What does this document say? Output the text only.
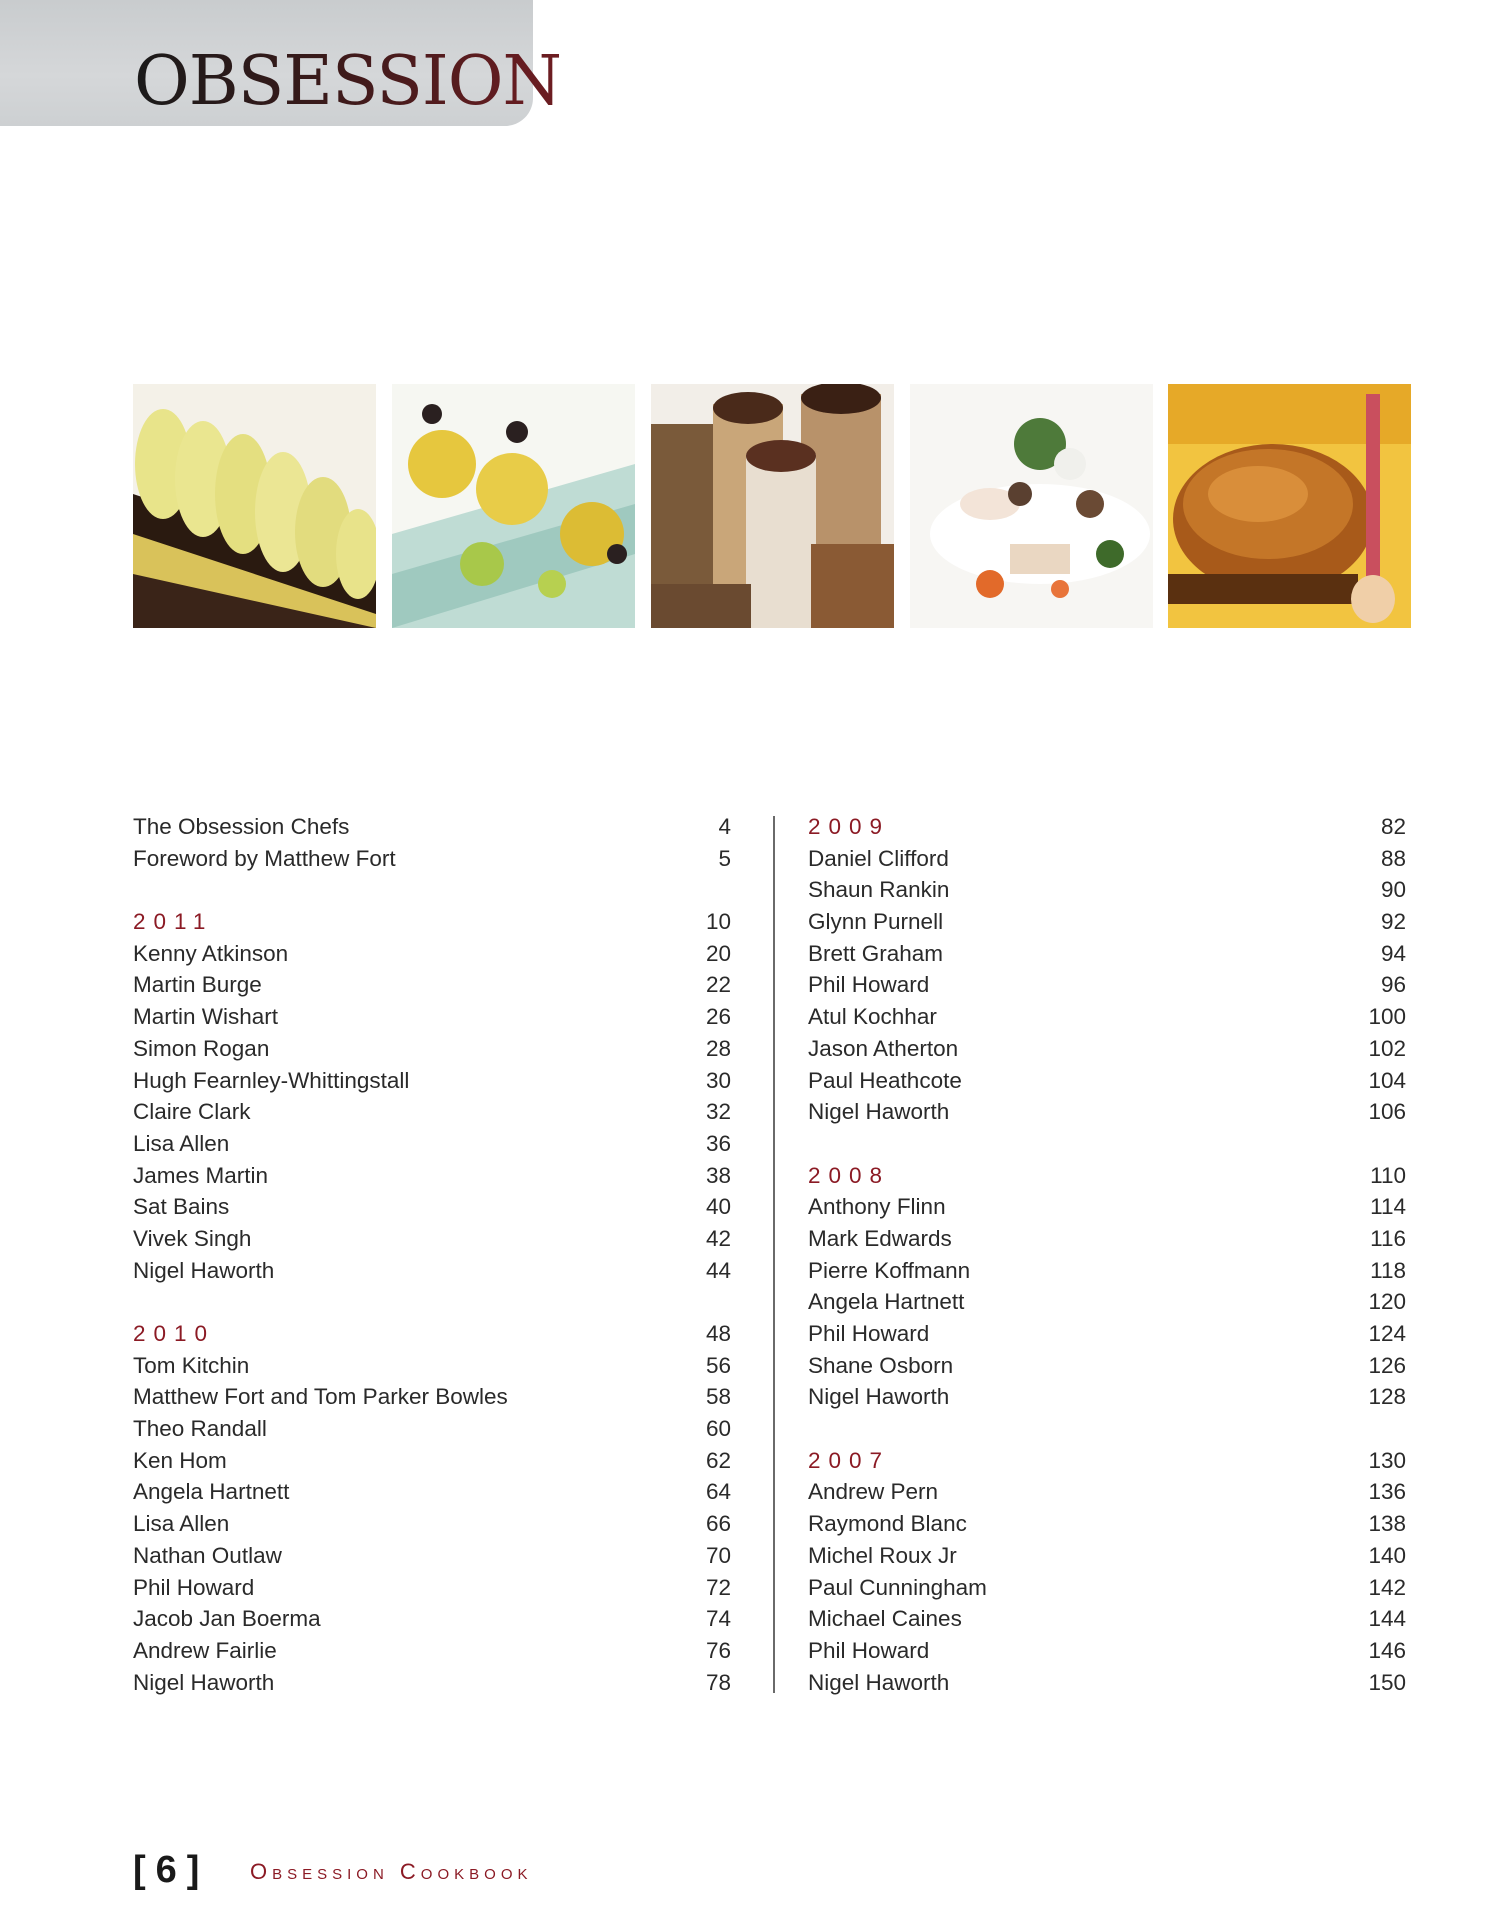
OBSESSION
The Obsession Chefs	4
Foreword by Matthew Fort	5
2011	10
Kenny Atkinson	20
Martin Burge	22
Martin Wishart	26
Simon Rogan	28
Hugh Fearnley-Whittingstall	30
Claire Clark	32
Lisa Allen	36
James Martin	38
Sat Bains	40
Vivek Singh	42
Nigel Haworth	44
2010	48
Tom Kitchin	56
Matthew Fort and Tom Parker Bowles	58
Theo Randall	60
Ken Hom	62
Angela Hartnett	64
Lisa Allen	66
Nathan Outlaw	70
Phil Howard	72
Jacob Jan Boerma	74
Andrew Fairlie	76
Nigel Haworth	78
2009	82
Daniel Clifford	88
Shaun Rankin	90
Glynn Purnell	92
Brett Graham	94
Phil Howard	96
Atul Kochhar	100
Jason Atherton	102
Paul Heathcote	104
Nigel Haworth	106
2008	110
Anthony Flinn	114
Mark Edwards	116
Pierre Koffmann	118
Angela Hartnett	120
Phil Howard	124
Shane Osborn	126
Nigel Haworth	128
2007	130
Andrew Pern	136
Raymond Blanc	138
Michel Roux Jr	140
Paul Cunningham	142
Michael Caines	144
Phil Howard	146
Nigel Haworth	150
[6] Obsession Cookbook
